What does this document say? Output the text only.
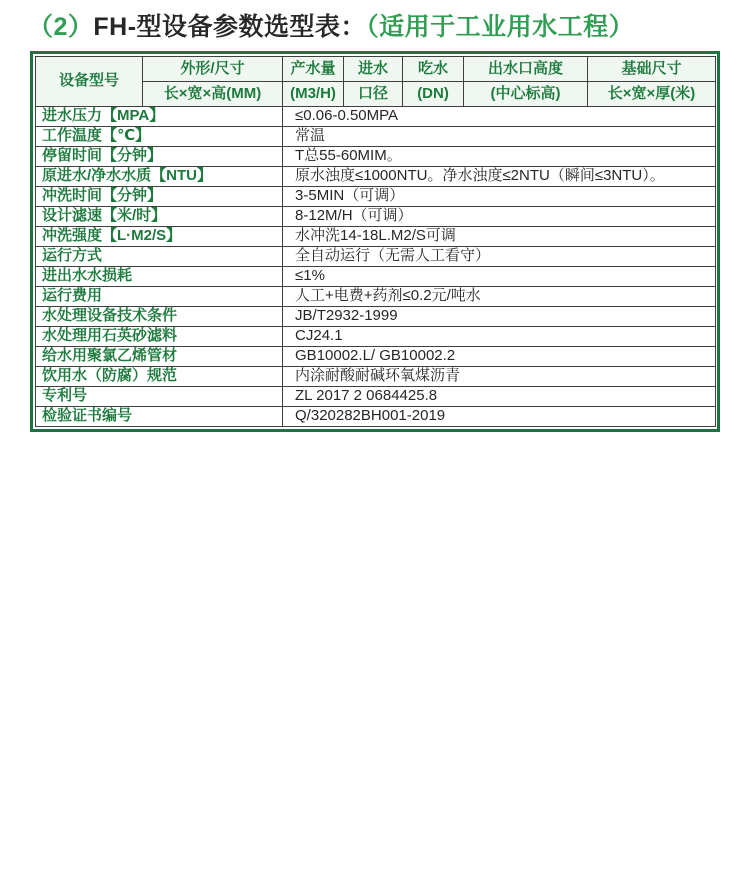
（2）FH-型设备参数选型表：（适用于工业用水工程）
设备型号	外形/尺寸	产水量	进水	吃水	出水口高度	基础尺寸
	长×宽×高(MM)	(M3/H)	口径	(DN)	(中心标高)	长×宽×厚(米)
进水压力【MPA】		≤0.06-0.50MPA				
工作温度【℃】		常温				
停留时间【分钟】		T总55-60MIM。				
原进水/净水水质【NTU】		原水浊度≤1000NTU。净水浊度≤2NTU（瞬间≤3NTU）。				
冲洗时间【分钟】		3-5MIN（可调）				
设计滤速【米/时】		8-12M/H（可调）				
冲洗强度【L·M2/S】		水冲洗14-18L.M2/S可调				
运行方式		全自动运行（无需人工看守）				
进出水水损耗		≤1%				
运行费用		人工+电费+药剂≤0.2元/吨水				
水处理设备技术条件		JB/T2932-1999				
水处理用石英砂滤料		CJ24.1				
给水用聚氯乙烯管材		GB10002.L/ GB10002.2				
饮用水（防腐）规范		内涂耐酸耐碱环氧煤沥青				
专利号		ZL 2017 2 0684425.8				
检验证书编号		Q/320282BH001-2019				
